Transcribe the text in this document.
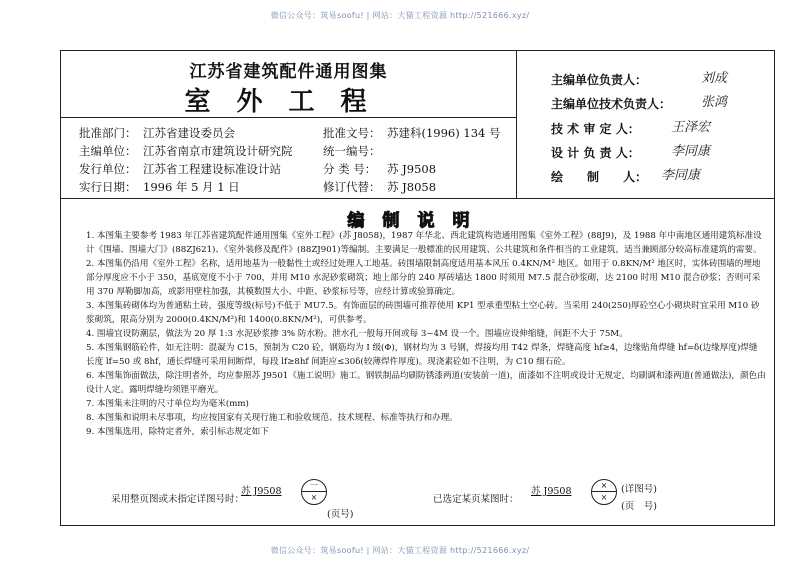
微信公众号：筑易soofu! | 网站：大猫工程资源 http://521666.xyz/
江苏省建筑配件通用图集
室外工程
批准部门： 江苏省建设委员会	批准文号： 苏建科(1996) 134 号
主编单位： 江苏省南京市建筑设计研究院	统一编号：
发行单位： 江苏省工程建设标准设计站	分 类 号： 苏 J9508
实行日期： 1996 年 5 月 1 日	修订代替： 苏 J8058
主编单位负责人：	刘成
主编单位技术负责人： 张鸿
技 术 审 定 人： 王泽宏
设 计 负 责 人： 李同康
绘　　制　　人： 李同康
编制说明

1. 本图集主要参考 1983 年江苏省建筑配件通用图集《室外工程》(苏 J8058)，1987 年华北、西北建筑构造通用图集《室外工程》(88J9)，及 1988 年中南地区通用建筑标准设计《围墙、围墙大门》(88ZJ621)、《室外装修及配件》(88ZJ901)等编制。主要满足一般標准的民用建筑、公共建筑和条件相当的工业建筑，适当兼顾部分较高标准建筑的需要。

2. 本图集仍沿用《室外工程》名称，适用地基为一般黏性土或经过处理人工地基。砖围墙限制高度适用基本风压 0.4KN/M² 地区。如用于 0.8KN/M² 地区时，实体砖围墙的埋地部分厚度应不小于 350，基底宽度不小于 700，并用 M10 水泥砂浆砌筑；地上部分的 240 厚砖墙达 1800 时须用 M7.5 混合砂浆砌，达 2100 时用 M10 混合砂浆；否则可采用 370 厚勒脚加高，或影用壁柱加强，其模数围大小、中距、砂浆标号等，应经计算或验算确定。

3. 本图集砖砌体均为普通粘土砖，强度等级(标号)不低于 MU7.5。有饰面层的砖围墙可推荐使用 KP1 型承重型粘土空心砖。当采用 240(250)厚砼空心小砌块时宜采用 M10 砂浆砌筑，限高分别为 2000(0.4KN/M²)和 1400(0.8KN/M²)，可供参考。

4. 围墙宜设防潮层，做法为 20 厚 1:3 水泥砂浆掺 3% 防水粉。泄水孔一般每开间或每 3~4M 设一个。围墙应设伸缩缝，间距不大于 75M。

5. 本图集钢筋砼件，如无注明：混凝为 C15，预制为 C20 砼，钢筋均为 I 级(Φ)，钢材均为 3 号钢，焊接均用 T42 焊条，焊缝高度 hf≥4，边缘贴角焊缝 hf=δ(边缘厚度)焊缝长度 lf=50 或 8hf，通长焊缝可采用间断焊，每段 lf≥8hf 间距应≤30δ(较薄焊件厚度)。现浇素砼如不注明，为 C10 细石砼。

6. 本图集饰面做法，除注明者外，均应参照苏 J9501《施工说明》施工。钢铁制品均刷防锈漆两道(安装前一道)，面漆如不注明或设计无规定，均刷调和漆两道(普通做法)，颜色由设计人定。露明焊缝均须铿平磨光。

7. 本图集未注明的尺寸单位均为毫米(mm)

8. 本图集和说明未尽事项，均应按国家有关现行施工和验收规范、技术规程、标准等执行和办理。

9. 本图集选用，除特定者外，索引标志规定如下

采用整页图或未指定详图号时：
苏 J9508
一
×
(页号)
已选定某页某图时：
苏 J9508
×
×
(详图号)
(页　号)
微信公众号：筑易soofu! | 网站：大猫工程资源 http://521666.xyz/
